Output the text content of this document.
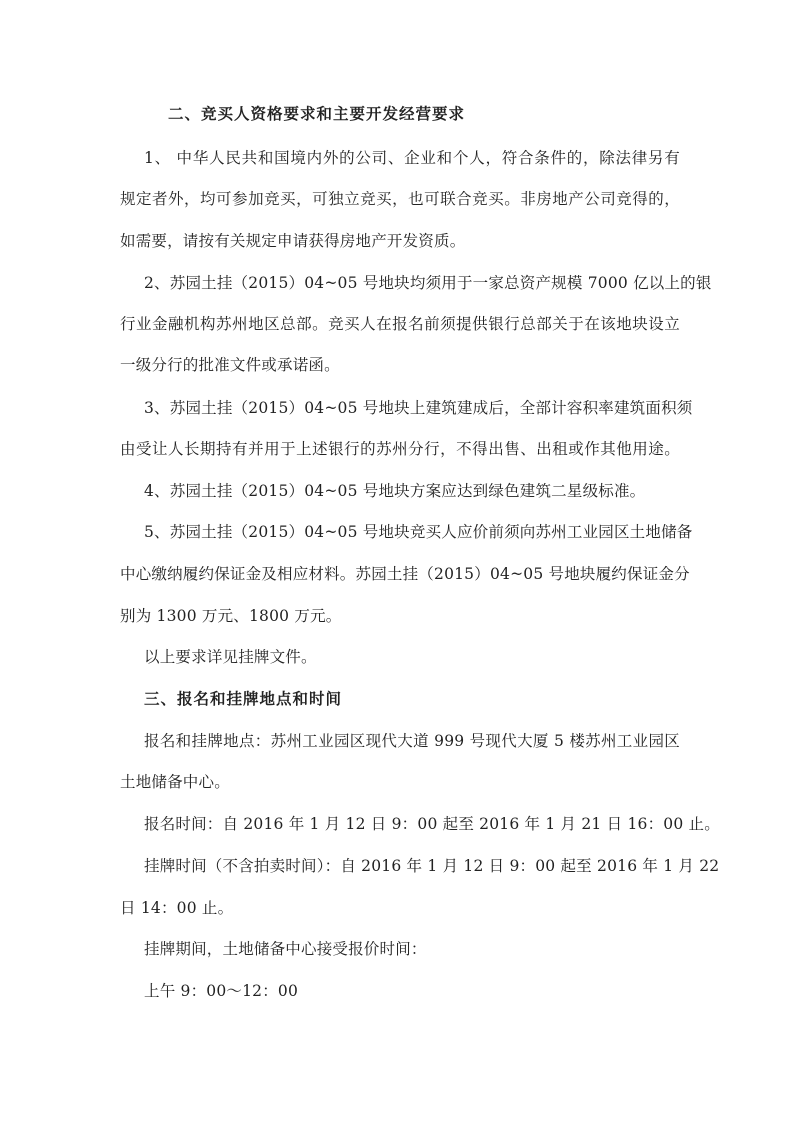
二、竞买人资格要求和主要开发经营要求
1、 中华人民共和国境内外的公司、企业和个人，符合条件的，除法律另有
规定者外，均可参加竞买，可独立竞买，也可联合竞买。非房地产公司竞得的，
如需要，请按有关规定申请获得房地产开发资质。
2、苏园土挂（2015）04~05 号地块均须用于一家总资产规模 7000 亿以上的银
行业金融机构苏州地区总部。竞买人在报名前须提供银行总部关于在该地块设立
一级分行的批准文件或承诺函。
3、苏园土挂（2015）04~05 号地块上建筑建成后，全部计容积率建筑面积须
由受让人长期持有并用于上述银行的苏州分行，不得出售、出租或作其他用途。
4、苏园土挂（2015）04~05 号地块方案应达到绿色建筑二星级标准。
5、苏园土挂（2015）04~05 号地块竞买人应价前须向苏州工业园区土地储备
中心缴纳履约保证金及相应材料。苏园土挂（2015）04~05 号地块履约保证金分
别为 1300 万元、1800 万元。
以上要求详见挂牌文件。
三、报名和挂牌地点和时间
报名和挂牌地点：苏州工业园区现代大道 999 号现代大厦 5 楼苏州工业园区
土地储备中心。
报名时间：自 2016 年 1 月 12 日 9：00 起至 2016 年 1 月 21 日 16：00 止。
挂牌时间（不含拍卖时间）：自 2016 年 1 月 12 日 9：00 起至 2016 年 1 月 22
日 14：00 止。
挂牌期间，土地储备中心接受报价时间：
上午 9：00～12：00
